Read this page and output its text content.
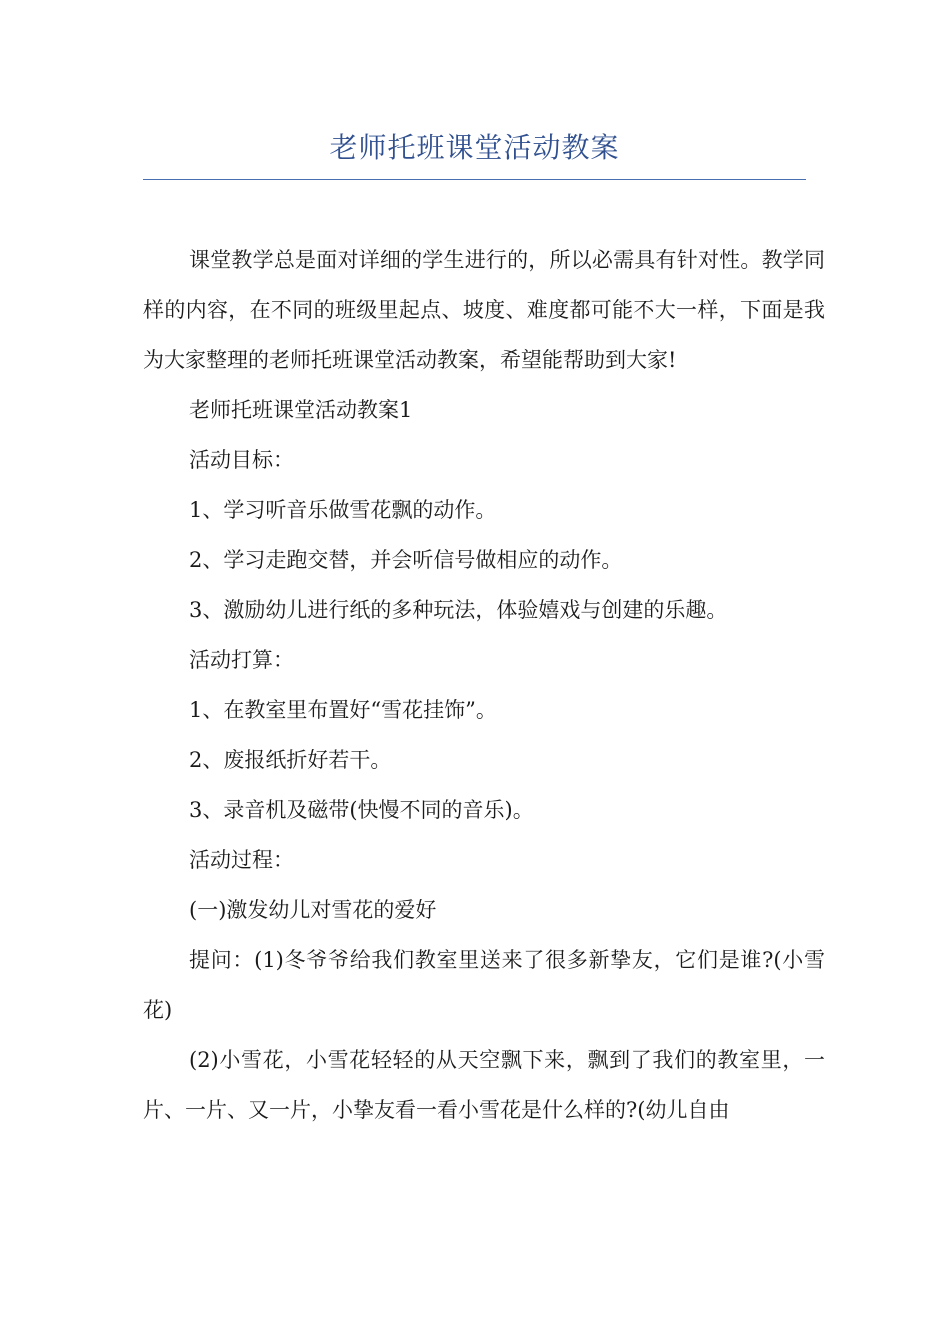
老师托班课堂活动教案

课堂教学总是面对详细的学生进行的，所以必需具有针对性。教学同样的内容，在不同的班级里起点、坡度、难度都可能不大一样，下面是我为大家整理的老师托班课堂活动教案，希望能帮助到大家!

老师托班课堂活动教案1

活动目标：

1、学习听音乐做雪花飘的动作。

2、学习走跑交替，并会听信号做相应的动作。

3、激励幼儿进行纸的多种玩法，体验嬉戏与创建的乐趣。

活动打算：

1、在教室里布置好“雪花挂饰”。

2、废报纸折好若干。

3、录音机及磁带(快慢不同的音乐)。

活动过程：

(一)激发幼儿对雪花的爱好

提问：(1)冬爷爷给我们教室里送来了很多新挚友，它们是谁?(小雪花)

(2)小雪花，小雪花轻轻的从天空飘下来，飘到了我们的教室里，一片、一片、又一片，小挚友看一看小雪花是什么样的?(幼儿自由
